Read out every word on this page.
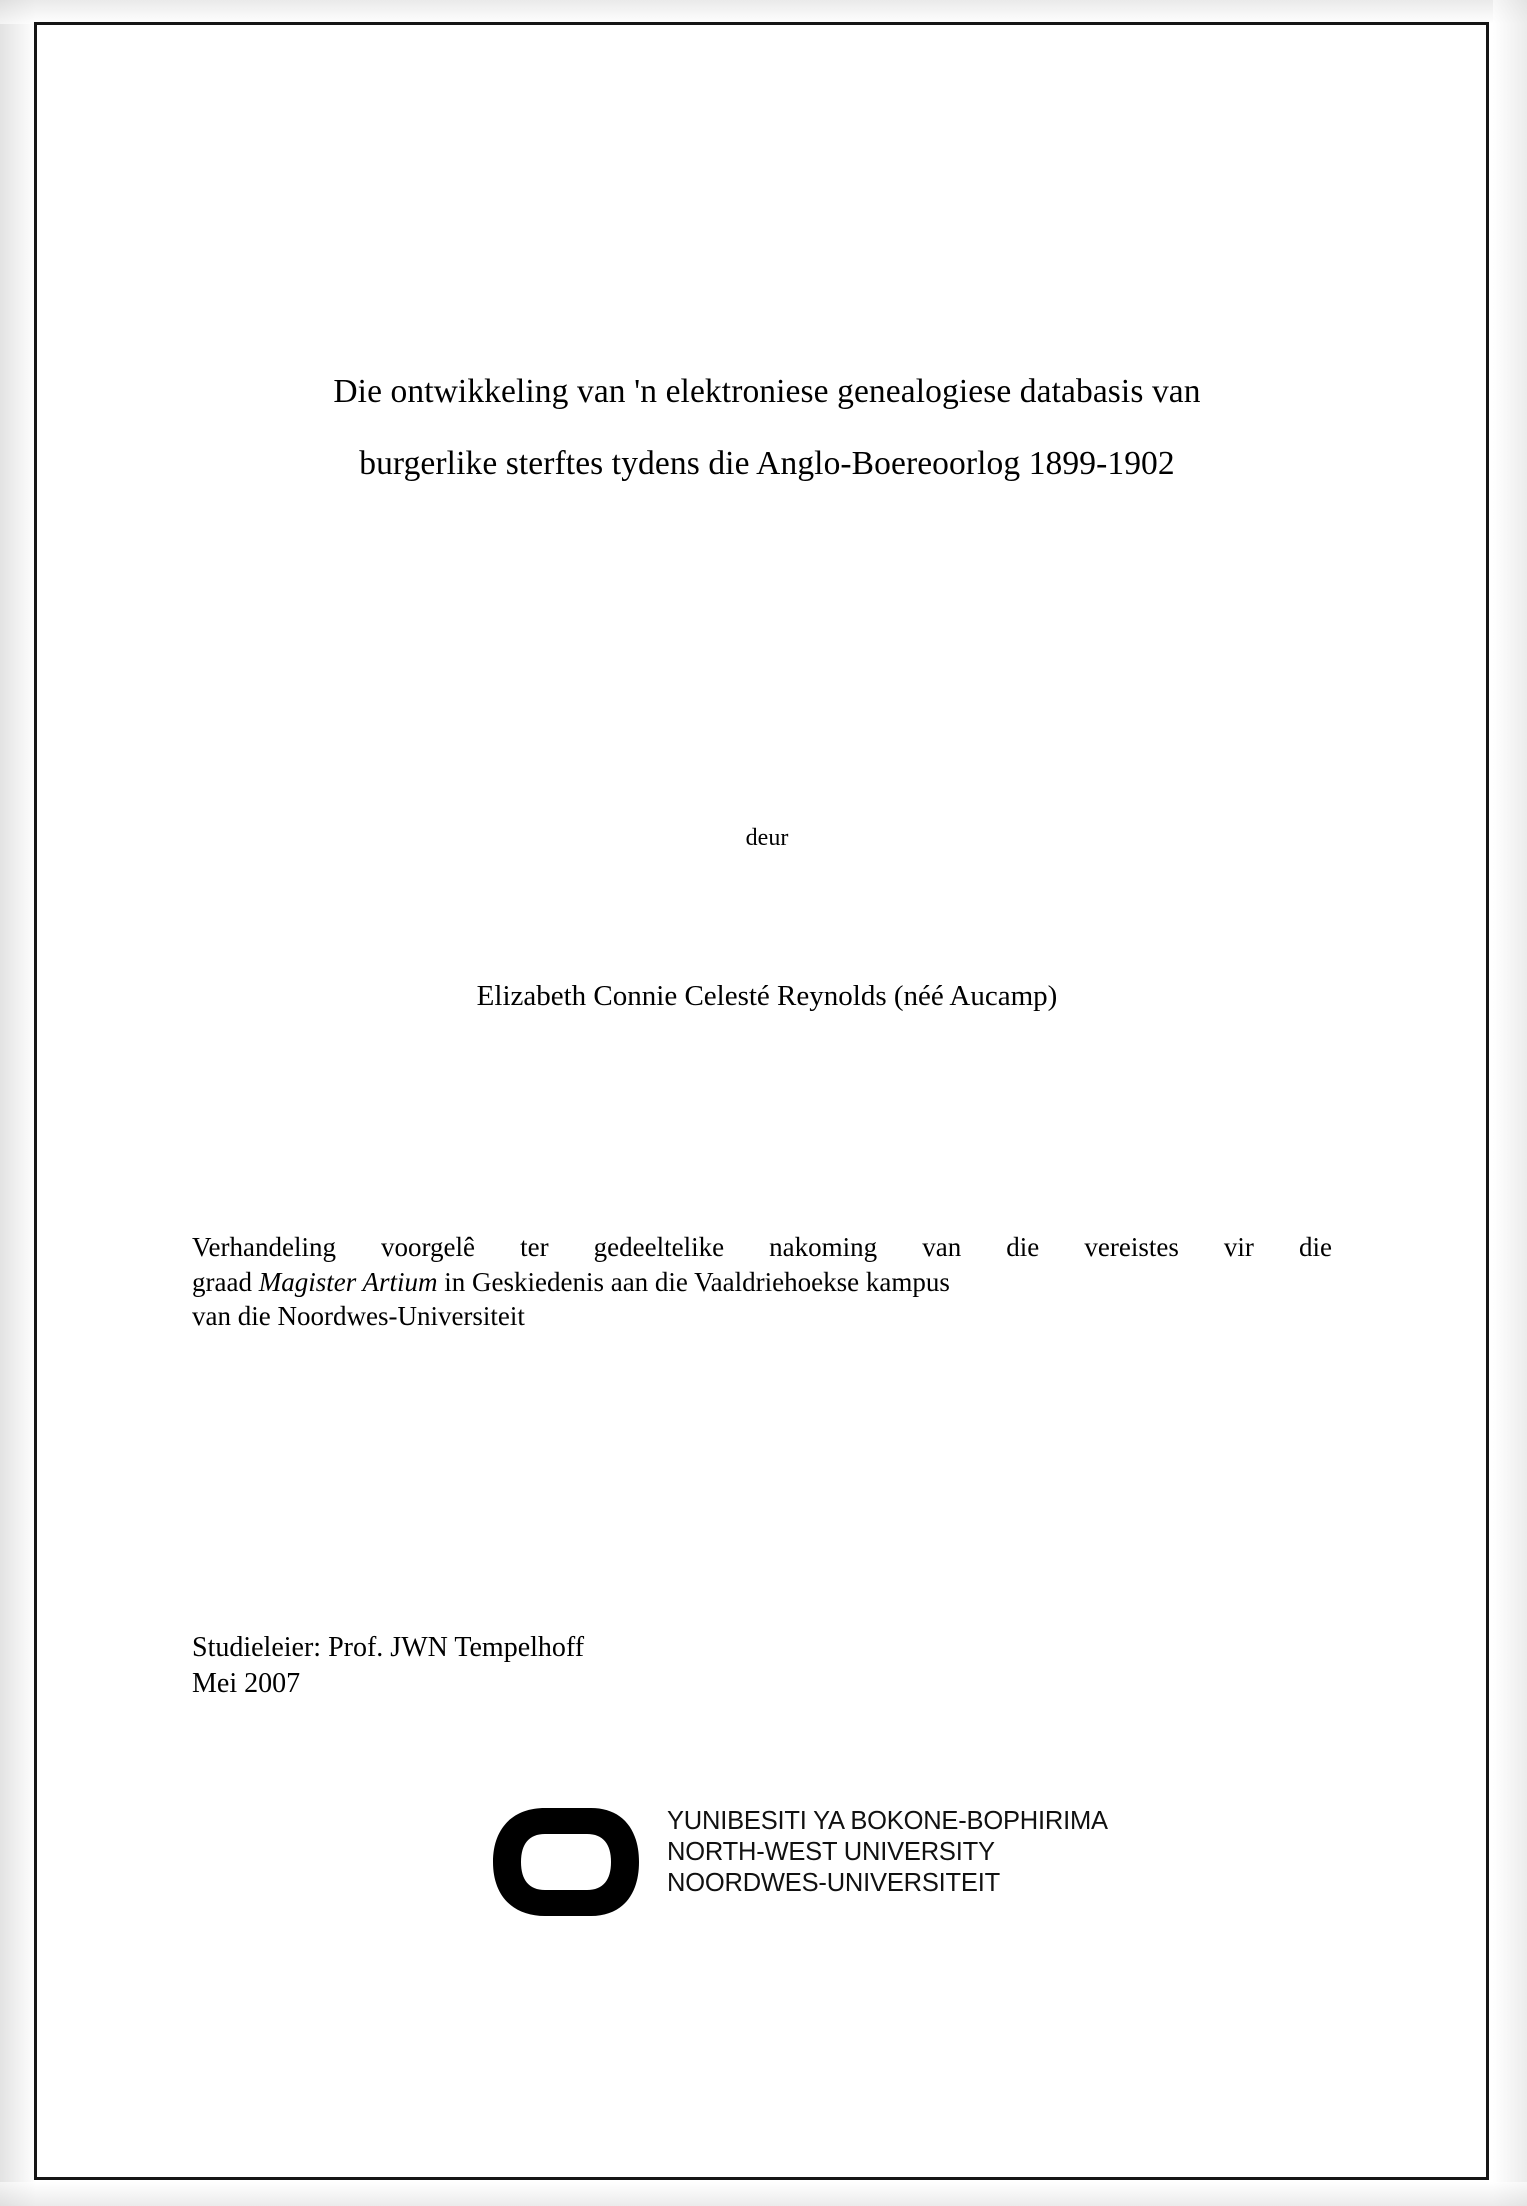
Die ontwikkeling van 'n elektroniese genealogiese databasis van
burgerlike sterftes tydens die Anglo-Boereoorlog 1899-1902
deur
Elizabeth Connie Celesté Reynolds (néé Aucamp)
Verhandeling voorgelê ter gedeeltelike nakoming van die vereistes vir die
graad Magister Artium in Geskiedenis aan die Vaaldriehoekse kampus
van die Noordwes-Universiteit
Studieleier: Prof. JWN Tempelhoff
Mei 2007
YUNIBESITI YA BOKONE-BOPHIRIMA
NORTH-WEST UNIVERSITY
NOORDWES-UNIVERSITEIT
